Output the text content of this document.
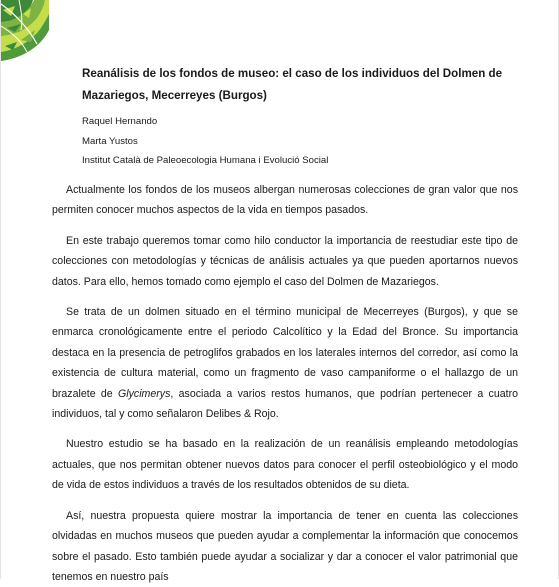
Reanálisis de los fondos de museo: el caso de los individuos del Dolmen de Mazariegos, Mecerreyes (Burgos)

Raquel Hernando

Marta Yustos

Institut Català de Paleoecologia Humana i Evolució Social

Actualmente los fondos de los museos albergan numerosas colecciones de gran valor que nos permiten conocer muchos aspectos de la vida en tiempos pasados.

En este trabajo queremos tomar como hilo conductor la importancia de reestudiar este tipo de colecciones con metodologías y técnicas de análisis actuales ya que pueden aportarnos nuevos datos. Para ello, hemos tomado como ejemplo el caso del Dolmen de Mazariegos.

Se trata de un dolmen situado en el término municipal de Mecerreyes (Burgos), y que se enmarca cronológicamente entre el periodo Calcolítico y la Edad del Bronce. Su importancia destaca en la presencia de petroglifos grabados en los laterales internos del corredor, así como la existencia de cultura material, como un fragmento de vaso campaniforme o el hallazgo de un brazalete de Glycimerys, asociada a varios restos humanos, que podrían pertenecer a cuatro individuos, tal y como señalaron Delibes & Rojo.

Nuestro estudio se ha basado en la realización de un reanálisis empleando metodologías actuales, que nos permitan obtener nuevos datos para conocer el perfil osteobiológico y el modo de vida de estos individuos a través de los resultados obtenidos de su dieta.

Así, nuestra propuesta quiere mostrar la importancia de tener en cuenta las colecciones olvidadas en muchos museos que pueden ayudar a complementar la información que conocemos sobre el pasado. Esto también puede ayudar a socializar y dar a conocer el valor patrimonial que tenemos en nuestro país
